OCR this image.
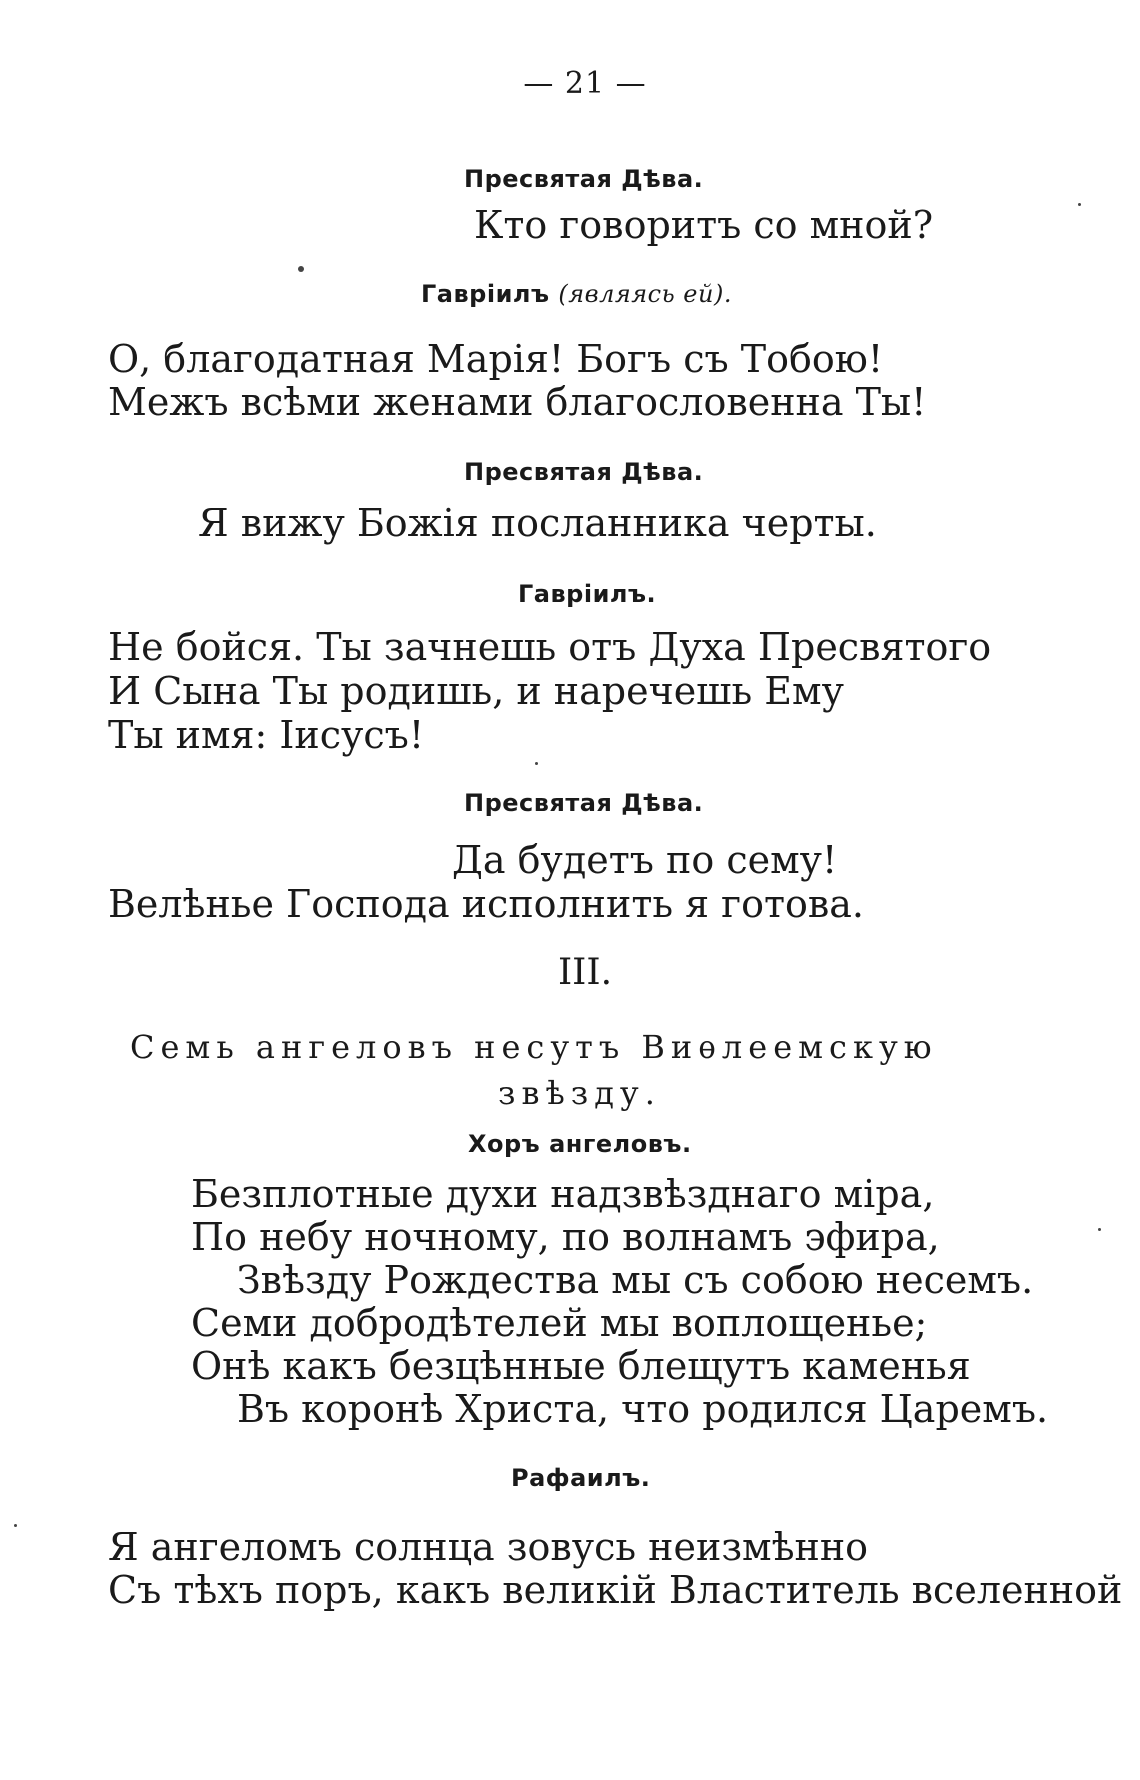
— 21 —
Пресвятая Дѣва.
Кто говоритъ со мной?
Гавріилъ (являясь ей).
О, благодатная Марія! Богъ съ Тобою!
Межъ всѣми женами благословенна Ты!
Пресвятая Дѣва.
Я вижу Божія посланника черты.
Гавріилъ.
Не бойся. Ты зачнешь отъ Духа Пресвятого
И Сына Ты родишь, и наречешь Ему
Ты имя: Іисусъ!
Пресвятая Дѣва.
Да будетъ по сему!
Велѣнье Господа исполнить я готова.
III.
Семь ангеловъ несутъ Виѳлеемскую
звѣзду.
Хоръ ангеловъ.
Безплотные духи надзвѣзднаго міра,
По небу ночному, по волнамъ эфира,
Звѣзду Рождества мы съ собою несемъ.
Семи добродѣтелей мы воплощенье;
Онѣ какъ безцѣнные блещутъ каменья
Въ коронѣ Христа, что родился Царемъ.
Рафаилъ.
Я ангеломъ солнца зовусь неизмѣнно
Съ тѣхъ поръ, какъ великій Властитель вселенной
